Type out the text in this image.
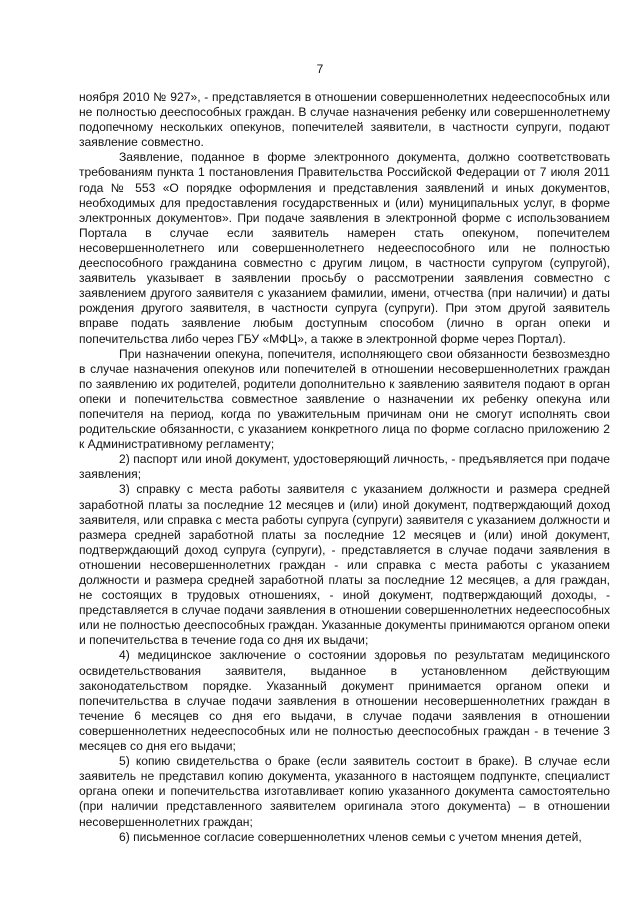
7

ноября 2010 № 927», - представляется в отношении совершеннолетних недееспособных или не полностью дееспособных граждан. В случае назначения ребенку или совершеннолетнему подопечному нескольких опекунов, попечителей заявители, в частности супруги, подают заявление совместно.

Заявление, поданное в форме электронного документа, должно соответствовать требованиям пункта 1 постановления Правительства Российской Федерации от 7 июля 2011 года № 553 «О порядке оформления и представления заявлений и иных документов, необходимых для предоставления государственных и (или) муниципальных услуг, в форме электронных документов». При подаче заявления в электронной форме с использованием Портала в случае если заявитель намерен стать опекуном, попечителем несовершеннолетнего или совершеннолетнего недееспособного или не полностью дееспособного гражданина совместно с другим лицом, в частности супругом (супругой), заявитель указывает в заявлении просьбу о рассмотрении заявления совместно с заявлением другого заявителя с указанием фамилии, имени, отчества (при наличии) и даты рождения другого заявителя, в частности супруга (супруги). При этом другой заявитель вправе подать заявление любым доступным способом (лично в орган опеки и попечительства либо через ГБУ «МФЦ», а также в электронной форме через Портал).

При назначении опекуна, попечителя, исполняющего свои обязанности безвозмездно в случае назначения опекунов или попечителей в отношении несовершеннолетних граждан по заявлению их родителей, родители дополнительно к заявлению заявителя подают в орган опеки и попечительства совместное заявление о назначении их ребенку опекуна или попечителя на период, когда по уважительным причинам они не смогут исполнять свои родительские обязанности, с указанием конкретного лица по форме согласно приложению 2 к Административному регламенту;

2) паспорт или иной документ, удостоверяющий личность, - предъявляется при подаче заявления;

3) справку с места работы заявителя с указанием должности и размера средней заработной платы за последние 12 месяцев и (или) иной документ, подтверждающий доход заявителя, или справка с места работы супруга (супруги) заявителя с указанием должности и размера средней заработной платы за последние 12 месяцев и (или) иной документ, подтверждающий доход супруга (супруги), - представляется в случае подачи заявления в отношении несовершеннолетних граждан - или справка с места работы с указанием должности и размера средней заработной платы за последние 12 месяцев, а для граждан, не состоящих в трудовых отношениях, - иной документ, подтверждающий доходы, - представляется в случае подачи заявления в отношении совершеннолетних недееспособных или не полностью дееспособных граждан. Указанные документы принимаются органом опеки и попечительства в течение года со дня их выдачи;

4) медицинское заключение о состоянии здоровья по результатам медицинского освидетельствования заявителя, выданное в установленном действующим законодательством порядке. Указанный документ принимается органом опеки и попечительства в случае подачи заявления в отношении несовершеннолетних граждан в течение 6 месяцев со дня его выдачи, в случае подачи заявления в отношении совершеннолетних недееспособных или не полностью дееспособных граждан - в течение 3 месяцев со дня его выдачи;

5) копию свидетельства о браке (если заявитель состоит в браке). В случае если заявитель не представил копию документа, указанного в настоящем подпункте, специалист органа опеки и попечительства изготавливает копию указанного документа самостоятельно (при наличии представленного заявителем оригинала этого документа) – в отношении несовершеннолетних граждан;

6) письменное согласие совершеннолетних членов семьи с учетом мнения детей,
